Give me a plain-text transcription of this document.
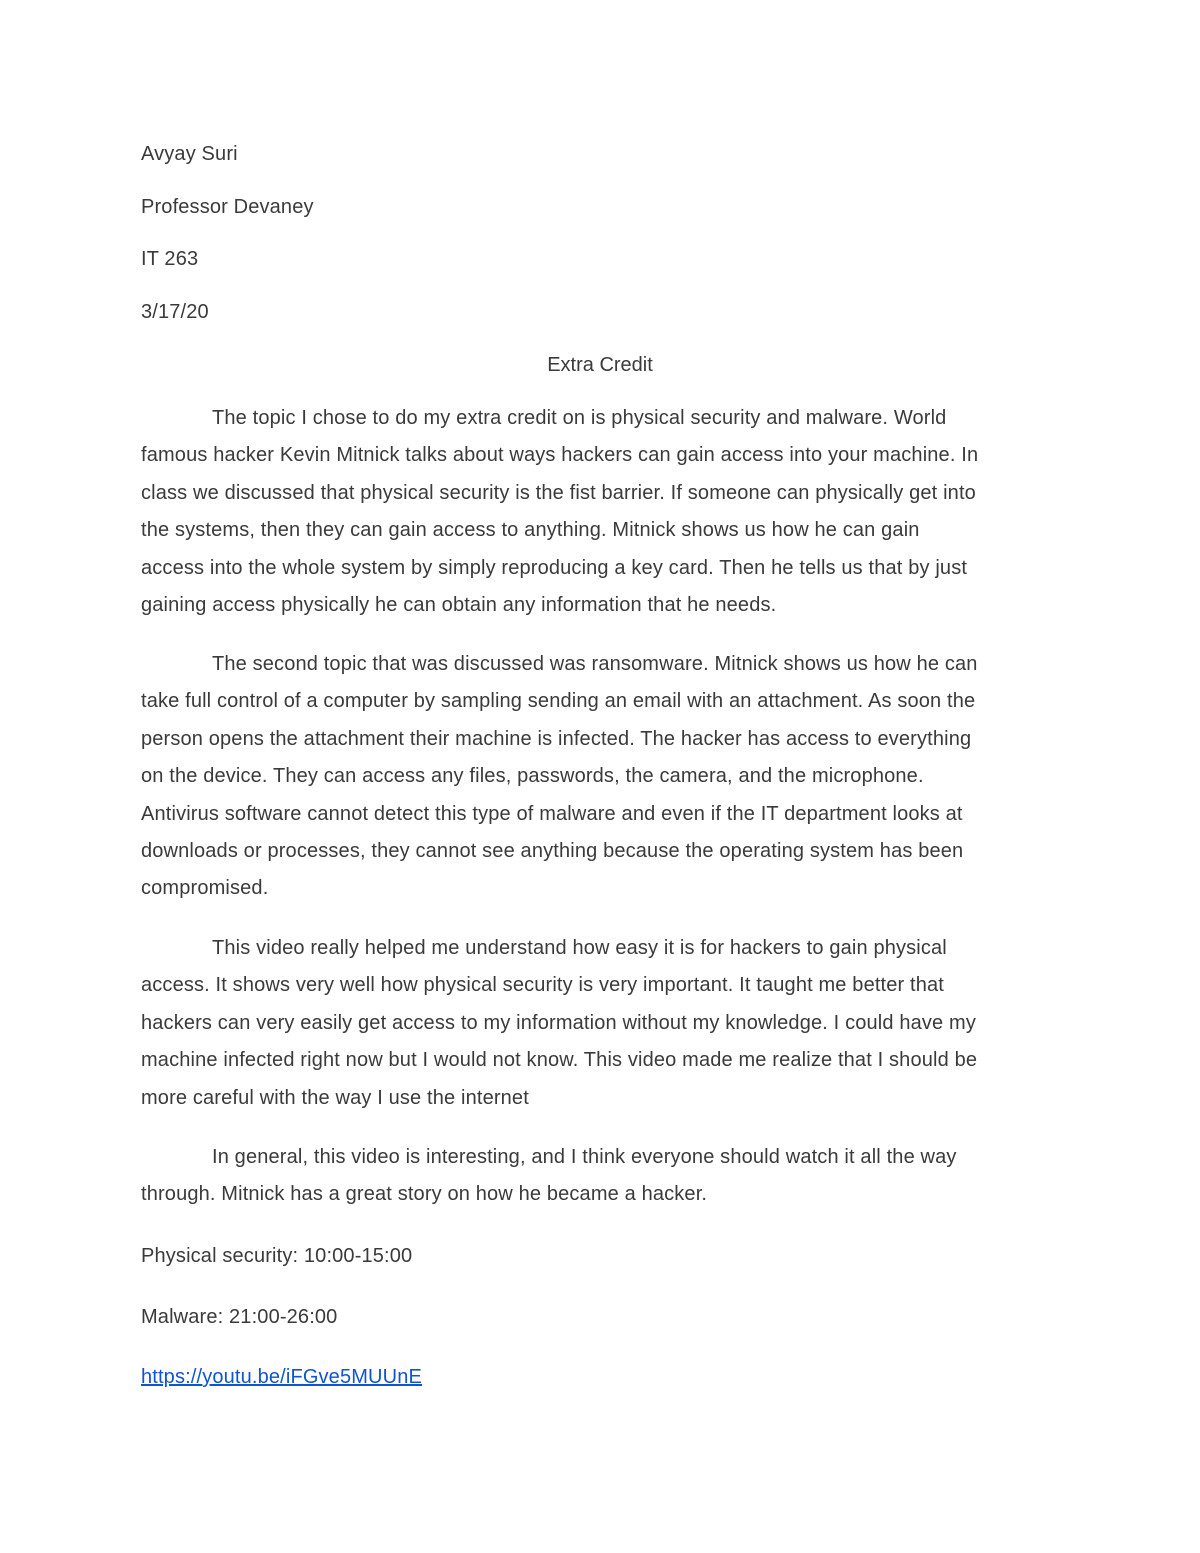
Avyay Suri

Professor Devaney

IT 263

3/17/20

Extra Credit

The topic I chose to do my extra credit on is physical security and malware. World
famous hacker Kevin Mitnick talks about ways hackers can gain access into your machine. In
class we discussed that physical security is the fist barrier. If someone can physically get into
the systems, then they can gain access to anything. Mitnick shows us how he can gain
access into the whole system by simply reproducing a key card. Then he tells us that by just
gaining access physically he can obtain any information that he needs.
The second topic that was discussed was ransomware. Mitnick shows us how he can
take full control of a computer by sampling sending an email with an attachment. As soon the
person opens the attachment their machine is infected. The hacker has access to everything
on the device. They can access any files, passwords, the camera, and the microphone.
Antivirus software cannot detect this type of malware and even if the IT department looks at
downloads or processes, they cannot see anything because the operating system has been
compromised.
This video really helped me understand how easy it is for hackers to gain physical
access. It shows very well how physical security is very important. It taught me better that
hackers can very easily get access to my information without my knowledge. I could have my
machine infected right now but I would not know. This video made me realize that I should be
more careful with the way I use the internet
In general, this video is interesting, and I think everyone should watch it all the way
through. Mitnick has a great story on how he became a hacker.

Physical security: 10:00-15:00

Malware: 21:00-26:00

https://youtu.be/iFGve5MUUnE
